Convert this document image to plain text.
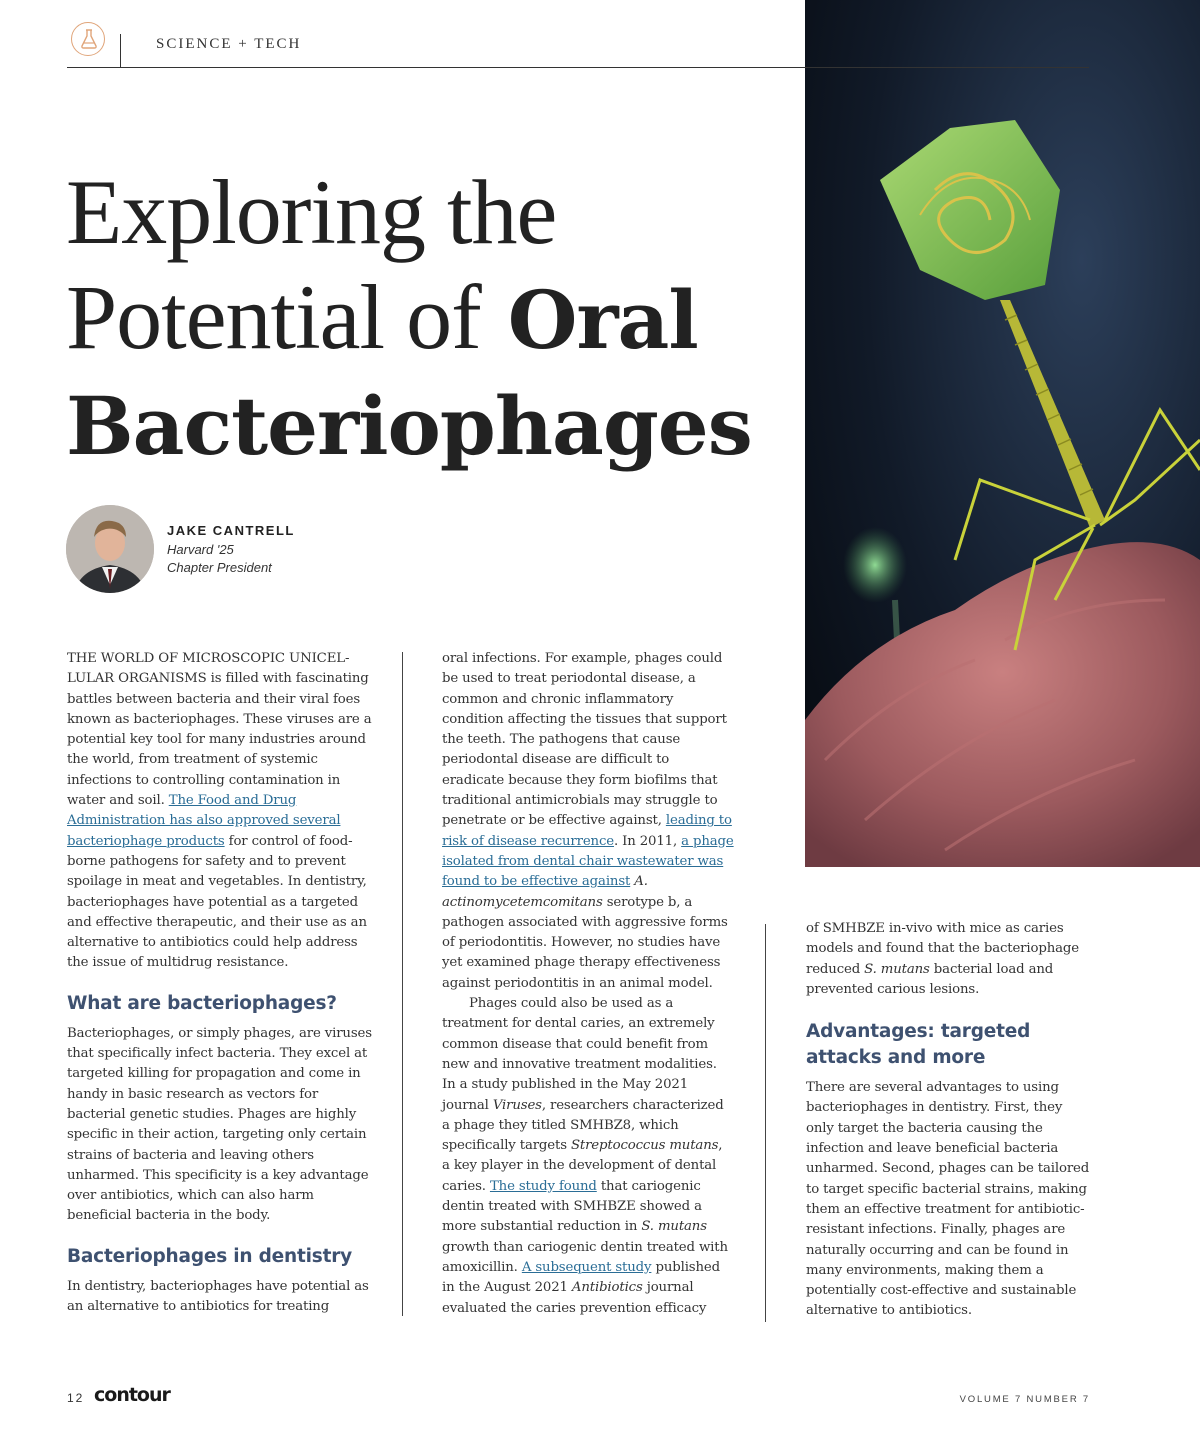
SCIENCE + TECH
Exploring the
Potential of Oral
Bacteriophages
JAKE CANTRELL
Harvard '25
Chapter President

THE WORLD OF MICROSCOPIC UNICEL-LULAR ORGANISMS is filled with fascinating battles between bacteria and their viral foes known as bacteriophages. These viruses are a potential key tool for many industries around the world, from treatment of systemic infections to controlling contamination in water and soil. The Food and Drug Administration has also approved several bacteriophage products for control of food-borne pathogens for safety and to prevent spoilage in meat and vegetables. In dentistry, bacteriophages have potential as a targeted and effective therapeutic, and their use as an alternative to antibiotics could help address the issue of multidrug resistance.

What are bacteriophages?

Bacteriophages, or simply phages, are viruses that specifically infect bacteria. They excel at targeted killing for propagation and come in handy in basic research as vectors for bacterial genetic studies. Phages are highly specific in their action, targeting only certain strains of bacteria and leaving others unharmed. This specificity is a key advantage over antibiotics, which can also harm beneficial bacteria in the body.

Bacteriophages in dentistry

In dentistry, bacteriophages have potential as an alternative to antibiotics for treating

oral infections. For example, phages could be used to treat periodontal disease, a common and chronic inflammatory condition affecting the tissues that support the teeth. The pathogens that cause periodontal disease are difficult to eradicate because they form biofilms that traditional antimicrobials may struggle to penetrate or be effective against, leading to risk of disease recurrence. In 2011, a phage isolated from dental chair wastewater was found to be effective against A. actinomycetemcomitans serotype b, a pathogen associated with aggressive forms of periodontitis. However, no studies have yet examined phage therapy effectiveness against periodontitis in an animal model.

Phages could also be used as a treatment for dental caries, an extremely common disease that could benefit from new and innovative treatment modalities. In a study published in the May 2021 journal Viruses, researchers characterized a phage they titled SMHBZ8, which specifically targets Streptococcus mutans, a key player in the development of dental caries. The study found that cariogenic dentin treated with SMHBZE showed a more substantial reduction in S. mutans growth than cariogenic dentin treated with amoxicillin. A subsequent study published in the August 2021 Antibiotics journal evaluated the caries prevention efficacy

of SMHBZE in-vivo with mice as caries models and found that the bacteriophage reduced S. mutans bacterial load and prevented carious lesions.

Advantages: targeted attacks and more

There are several advantages to using bacteriophages in dentistry. First, they only target the bacteria causing the infection and leave beneficial bacteria unharmed. Second, phages can be tailored to target specific bacterial strains, making them an effective treatment for antibiotic-resistant infections. Finally, phages are naturally occurring and can be found in many environments, making them a potentially cost-effective and sustainable alternative to antibiotics.

12 contour	VOLUME 7 NUMBER 7
